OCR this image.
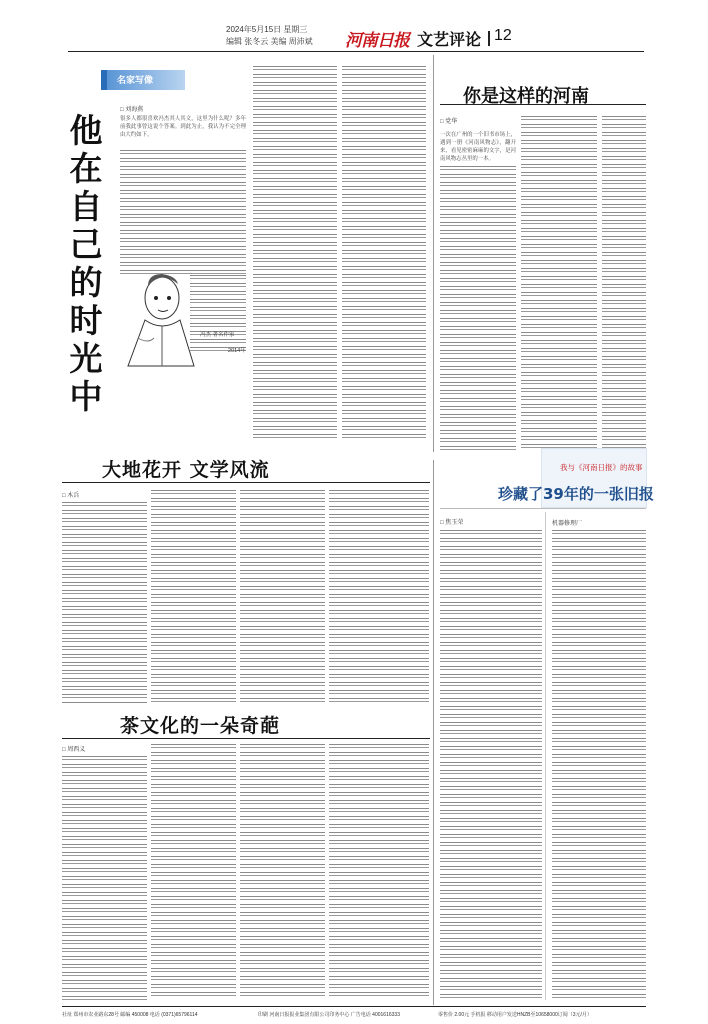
2024年5月15日 星期三
编辑 张冬云 美编 周沛斌 河南日报 文艺评论 12
名家写像
□ 刘海燕
他在
自己
的时
光中
很多人都很喜欢冯杰其人其文，这里为什么呢？多年前我此事曾这说个答案。到此为止，我认为不完全理由大约如下。
冯杰 著名作家
2014年
你是这样的河南
□ 党华
一次在广州的一个旧书市场上，遇到一册《河南风物志》，翻开来，看见密密麻麻的文字，是河南风物志丛里的一本。
我与《河南日报》的故事
珍藏了39年的一张旧报
□ 焦玉荣	机器修理厂
大地花开 文学风流
□ 木兵
茶文化的一朵奇葩
□ 周西义
社址 郑州市农业路东28号 邮编 450008 电话 (0371)65796114	印刷 河南日报报业集团有限公司印务中心 广告电话 4001616333	零售价 2.00元 手机报 移动用户发送HNZB至10658000订阅（3元/月）
